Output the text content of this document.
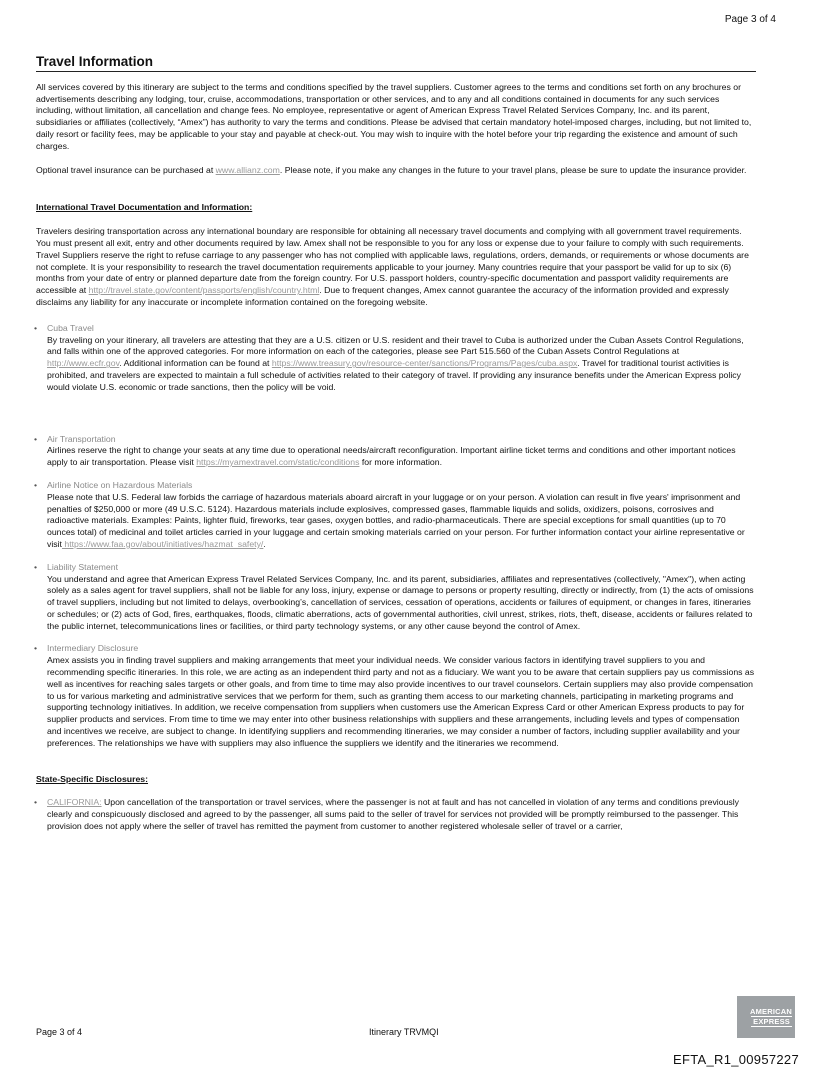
Page 3 of 4
Travel Information

All services covered by this itinerary are subject to the terms and conditions specified by the travel suppliers. Customer agrees to the terms and conditions set forth on any brochures or advertisements describing any lodging, tour, cruise, accommodations, transportation or other services, and to any and all conditions contained in documents for any such services including, without limitation, all cancellation and change fees. No employee, representative or agent of American Express Travel Related Services Company, Inc. and its parent, subsidiaries or affiliates (collectively, “Amex”) has authority to vary the terms and conditions. Please be advised that certain mandatory hotel-imposed charges, including, but not limited to, daily resort or facility fees, may be applicable to your stay and payable at check-out. You may wish to inquire with the hotel before your trip regarding the existence and amount of such charges.

Optional travel insurance can be purchased at www.allianz.com. Please note, if you make any changes in the future to your travel plans, please be sure to update the insurance provider.

International Travel Documentation and Information:

Travelers desiring transportation across any international boundary are responsible for obtaining all necessary travel documents and complying with all government travel requirements. You must present all exit, entry and other documents required by law. Amex shall not be responsible to you for any loss or expense due to your failure to comply with such requirements. Travel Suppliers reserve the right to refuse carriage to any passenger who has not complied with applicable laws, regulations, orders, demands, or requirements or whose documents are not complete. It is your responsibility to research the travel documentation requirements applicable to your journey. Many countries require that your passport be valid for up to six (6) months from your date of entry or planned departure date from the foreign country. For U.S. passport holders, country-specific documentation and passport validity requirements are accessible at http://travel.state.gov/content/passports/english/country.html. Due to frequent changes, Amex cannot guarantee the accuracy of the information provided and expressly disclaims any liability for any inaccurate or incomplete information contained on the foregoing website.

• Cuba Travel

By traveling on your itinerary, all travelers are attesting that they are a U.S. citizen or U.S. resident and their travel to Cuba is authorized under the Cuban Assets Control Regulations, and falls within one of the approved categories. For more information on each of the categories, please see Part 515.560 of the Cuban Assets Control Regulations at http://www.ecfr.gov. Additional information can be found at https://www.treasury.gov/resource-center/sanctions/Programs/Pages/cuba.aspx. Travel for traditional tourist activities is prohibited, and travelers are expected to maintain a full schedule of activities related to their category of travel. If providing any insurance benefits under the American Express policy would violate U.S. economic or trade sanctions, then the policy will be void.

• Air Transportation

Airlines reserve the right to change your seats at any time due to operational needs/aircraft reconfiguration. Important airline ticket terms and conditions and other important notices apply to air transportation. Please visit https://myamextravel.com/static/conditions for more information.

• Airline Notice on Hazardous Materials

Please note that U.S. Federal law forbids the carriage of hazardous materials aboard aircraft in your luggage or on your person. A violation can result in five years' imprisonment and penalties of $250,000 or more (49 U.S.C. 5124). Hazardous materials include explosives, compressed gases, flammable liquids and solids, oxidizers, poisons, corrosives and radioactive materials. Examples: Paints, lighter fluid, fireworks, tear gases, oxygen bottles, and radio-pharmaceuticals. There are special exceptions for small quantities (up to 70 ounces total) of medicinal and toilet articles carried in your luggage and certain smoking materials carried on your person. For further information contact your airline representative or visit https://www.faa.gov/about/initiatives/hazmat_safety/.

• Liability Statement

You understand and agree that American Express Travel Related Services Company, Inc. and its parent, subsidiaries, affiliates and representatives (collectively, "Amex"), when acting solely as a sales agent for travel suppliers, shall not be liable for any loss, injury, expense or damage to persons or property resulting, directly or indirectly, from (1) the acts of omissions of travel suppliers, including but not limited to delays, overbooking’s, cancellation of services, cessation of operations, accidents or failures of equipment, or changes in fares, itineraries or schedules; or (2) acts of God, fires, earthquakes, floods, climatic aberrations, acts of governmental authorities, civil unrest, strikes, riots, theft, disease, accidents or failures related to the public internet, telecommunications lines or facilities, or third party technology systems, or any other cause beyond the control of Amex.

• Intermediary Disclosure

Amex assists you in finding travel suppliers and making arrangements that meet your individual needs. We consider various factors in identifying travel suppliers to you and recommending specific itineraries. In this role, we are acting as an independent third party and not as a fiduciary. We want you to be aware that certain suppliers pay us commissions as well as incentives for reaching sales targets or other goals, and from time to time may also provide incentives to our travel counselors. Certain suppliers may also provide compensation to us for various marketing and administrative services that we perform for them, such as granting them access to our marketing channels, participating in marketing programs and supporting technology initiatives. In addition, we receive compensation from suppliers when customers use the American Express Card or other American Express products to pay for supplier products and services. From time to time we may enter into other business relationships with suppliers and these arrangements, including levels and types of compensation and incentives we receive, are subject to change. In identifying suppliers and recommending itineraries, we may consider a number of factors, including supplier availability and your preferences. The relationships we have with suppliers may also influence the suppliers we identify and the itineraries we recommend.

State-Specific Disclosures:

• CALIFORNIA: Upon cancellation of the transportation or travel services, where the passenger is not at fault and has not cancelled in violation of any terms and conditions previously clearly and conspicuously disclosed and agreed to by the passenger, all sums paid to the seller of travel for services not provided will be promptly reimbursed to the passenger. This provision does not apply where the seller of travel has remitted the payment from customer to another registered wholesale seller of travel or a carrier,

Page 3 of 4	Itinerary TRVMQI
AMERICAN
EXPRESS
EFTA_R1_00957227
